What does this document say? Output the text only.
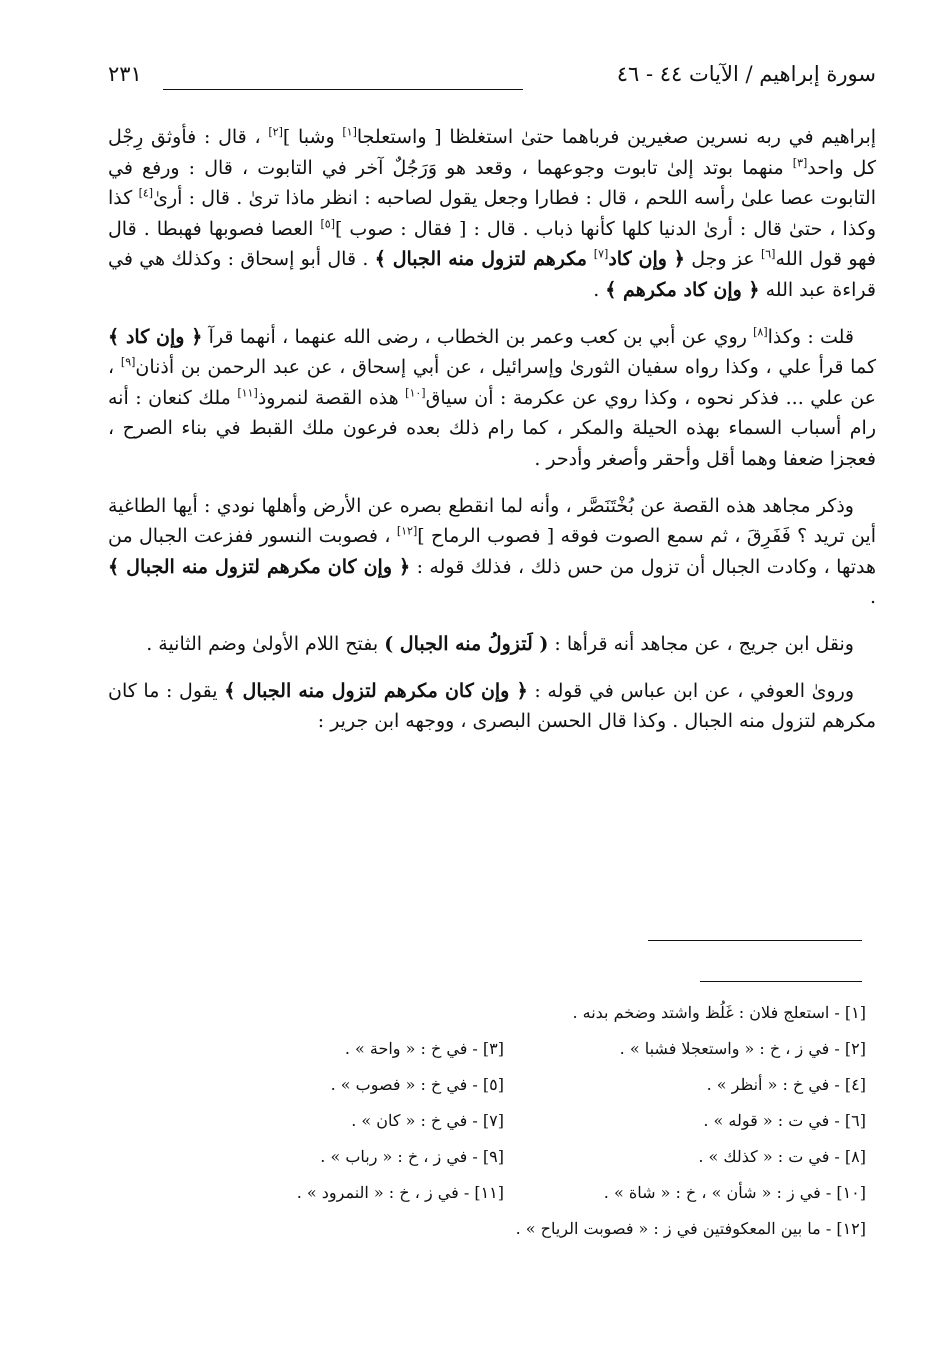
سورة إبراهيم / الآيات ٤٤ - ٤٦
٢٣١

إبراهيم في ربه نسرين صغيرين فرباهما حتىٰ استغلظا [ واستعلجا[١] وشبا ][٢] ، قال : فأوثق رِجْل كل واحد[٣] منهما بوتد إلىٰ تابوت وجوعهما ، وقعد هو وَرَجُلٌ آخر في التابوت ، قال : ورفع في التابوت عصا علىٰ رأسه اللحم ، قال : فطارا وجعل يقول لصاحبه : انظر ماذا ترىٰ . قال : أرىٰ[٤] كذا وكذا ، حتىٰ قال : أرىٰ الدنيا كلها كأنها ذباب . قال : [ فقال : صوب ][٥] العصا فصوبها فهبطا . قال فهو قول الله[٦] عز وجل ﴿ وإن كاد[٧] مكرهم لتزول منه الجبال ﴾ . قال أبو إسحاق : وكذلك هي في قراءة عبد الله ﴿ وإن كاد مكرهم ﴾ .

قلت : وكذا[٨] روي عن أبي بن كعب وعمر بن الخطاب ، رضى الله عنهما ، أنهما قرآ ﴿ وإن كاد ﴾ كما قرأ علي ، وكذا رواه سفيان الثورىٰ وإسرائيل ، عن أبي إسحاق ، عن عبد الرحمن بن أذنان[٩] ، عن علي ... فذكر نحوه ، وكذا روي عن عكرمة : أن سياق[١٠] هذه القصة لنمروذ[١١] ملك كنعان : أنه رام أسباب السماء بهذه الحيلة والمكر ، كما رام ذلك بعده فرعون ملك القبط في بناء الصرح ، فعجزا ضعفا وهما أقل وأحقر وأصغر وأدحر .

وذكر مجاهد هذه القصة عن بُخْتَنَصَّر ، وأنه لما انقطع بصره عن الأرض وأهلها نودي : أيها الطاغية أين تريد ؟ فَفَرِقَ ، ثم سمع الصوت فوقه [ فصوب الرماح ][١٢] ، فصوبت النسور ففزعت الجبال من هدتها ، وكادت الجبال أن تزول من حس ذلك ، فذلك قوله : ﴿ وإن كان مكرهم لتزول منه الجبال ﴾ .

ونقل ابن جريج ، عن مجاهد أنه قرأها : ( لَتزولُ منه الجبال ) بفتح اللام الأولىٰ وضم الثانية .

وروىٰ العوفي ، عن ابن عباس في قوله : ﴿ وإن كان مكرهم لتزول منه الجبال ﴾ يقول : ما كان مكرهم لتزول منه الجبال . وكذا قال الحسن البصرى ، ووجهه ابن جرير :

[١] - استعلج فلان : غَلُظ واشتد وضخم بدنه .
[٢] - في ز ، خ : « واستعجلا فشبا » .
[٣] - في خ : « واحة » .
[٤] - في خ : « أنظر » .
[٥] - في خ : « فصوب » .
[٦] - في ت : « قوله » .
[٧] - في خ : « كان » .
[٨] - في ت : « كذلك » .
[٩] - في ز ، خ : « رباب » .
[١٠] - في ز : « شأن » ، خ : « شاة » .
[١١] - في ز ، خ : « النمرود » .
[١٢] - ما بين المعكوفتين في ز : « فصوبت الرياح » .
